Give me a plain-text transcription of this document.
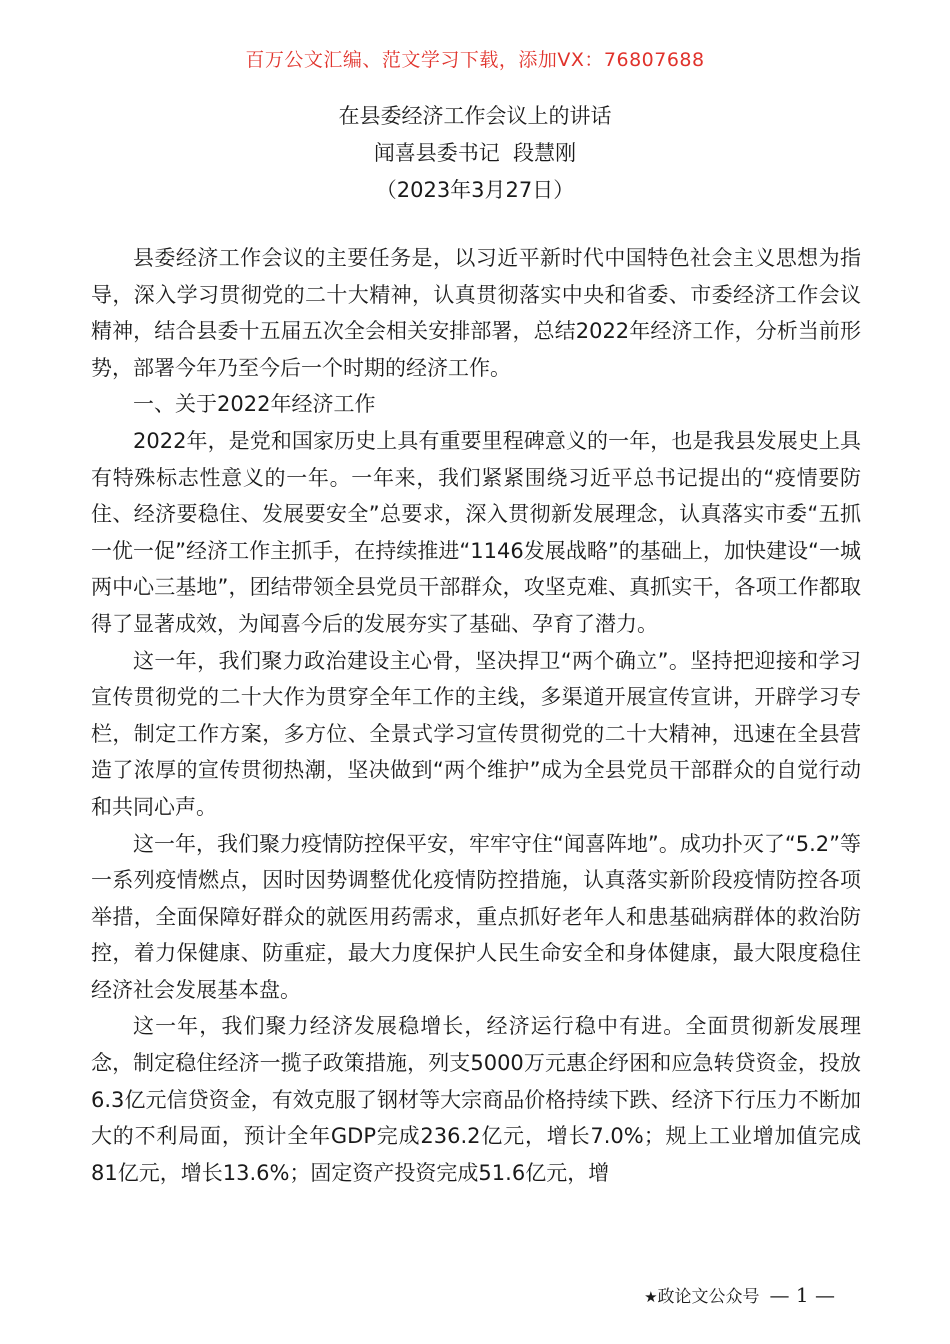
百万公文汇编、范文学习下载，添加VX：76807688
在县委经济工作会议上的讲话
闻喜县委书记  段慧刚
（2023年3月27日）

县委经济工作会议的主要任务是，以习近平新时代中国特色社会主义思想为指导，深入学习贯彻党的二十大精神，认真贯彻落实中央和省委、市委经济工作会议精神，结合县委十五届五次全会相关安排部署，总结2022年经济工作，分析当前形势，部署今年乃至今后一个时期的经济工作。

一、关于2022年经济工作

2022年，是党和国家历史上具有重要里程碑意义的一年，也是我县发展史上具有特殊标志性意义的一年。一年来，我们紧紧围绕习近平总书记提出的“疫情要防住、经济要稳住、发展要安全”总要求，深入贯彻新发展理念，认真落实市委“五抓一优一促”经济工作主抓手，在持续推进“1146发展战略”的基础上，加快建设“一城两中心三基地”，团结带领全县党员干部群众，攻坚克难、真抓实干，各项工作都取得了显著成效，为闻喜今后的发展夯实了基础、孕育了潜力。

这一年，我们聚力政治建设主心骨，坚决捍卫“两个确立”。坚持把迎接和学习宣传贯彻党的二十大作为贯穿全年工作的主线，多渠道开展宣传宣讲，开辟学习专栏，制定工作方案，多方位、全景式学习宣传贯彻党的二十大精神，迅速在全县营造了浓厚的宣传贯彻热潮，坚决做到“两个维护”成为全县党员干部群众的自觉行动和共同心声。

这一年，我们聚力疫情防控保平安，牢牢守住“闻喜阵地”。成功扑灭了“5.2”等一系列疫情燃点，因时因势调整优化疫情防控措施，认真落实新阶段疫情防控各项举措，全面保障好群众的就医用药需求，重点抓好老年人和患基础病群体的救治防控，着力保健康、防重症，最大力度保护人民生命安全和身体健康，最大限度稳住经济社会发展基本盘。

这一年，我们聚力经济发展稳增长，经济运行稳中有进。全面贯彻新发展理念，制定稳住经济一揽子政策措施，列支5000万元惠企纾困和应急转贷资金，投放6.3亿元信贷资金，有效克服了钢材等大宗商品价格持续下跌、经济下行压力不断加大的不利局面，预计全年GDP完成236.2亿元，增长7.0%；规上工业增加值完成81亿元，增长13.6%；固定资产投资完成51.6亿元，增

★政论文公众号 — 1 —
